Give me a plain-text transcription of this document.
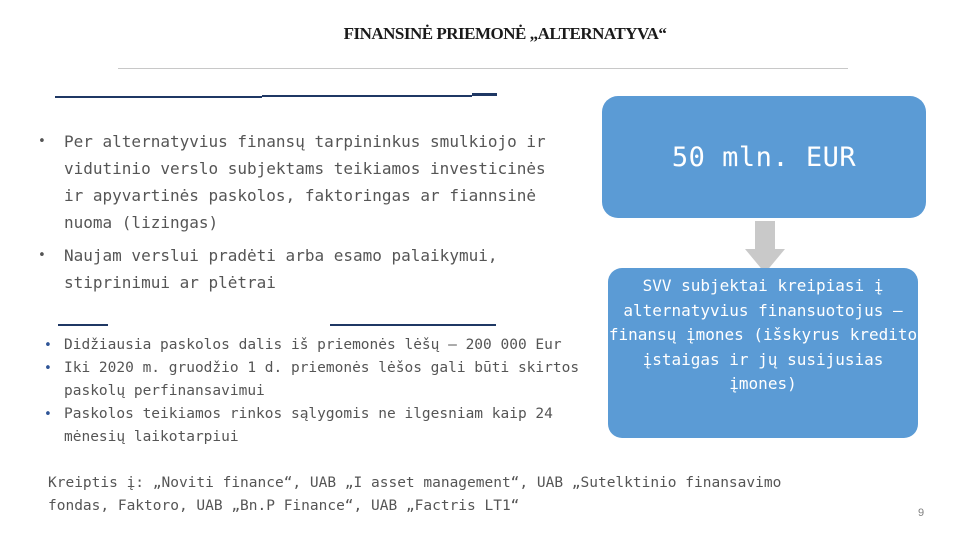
FINANSINĖ PRIEMONĖ „ALTERNATYVA“
• Per alternatyvius finansų tarpininkus smulkiojo ir vidutinio verslo subjektams teikiamos investicinės ir apyvartinės paskolos, faktoringas ar fiannsinė nuoma (lizingas)
• Naujam verslui pradėti arba esamo palaikymui, stiprinimui ar plėtrai
• Didžiausia paskolos dalis iš priemonės lėšų – 200 000 Eur
• Iki 2020 m. gruodžio 1 d. priemonės lėšos gali būti skirtos paskolų perfinansavimui
• Paskolos teikiamos rinkos sąlygomis ne ilgesniam kaip 24 mėnesių laikotarpiui
Kreiptis į: „Noviti finance“, UAB „I asset management“, UAB „Sutelktinio finansavimo fondas, Faktoro, UAB „Bn.P Finance“, UAB „Factris LT1“
50 mln. EUR
SVV subjektai kreipiasi į alternatyvius finansuotojus – finansų įmones (išskyrus kredito įstaigas ir jų susijusias įmones)
9
